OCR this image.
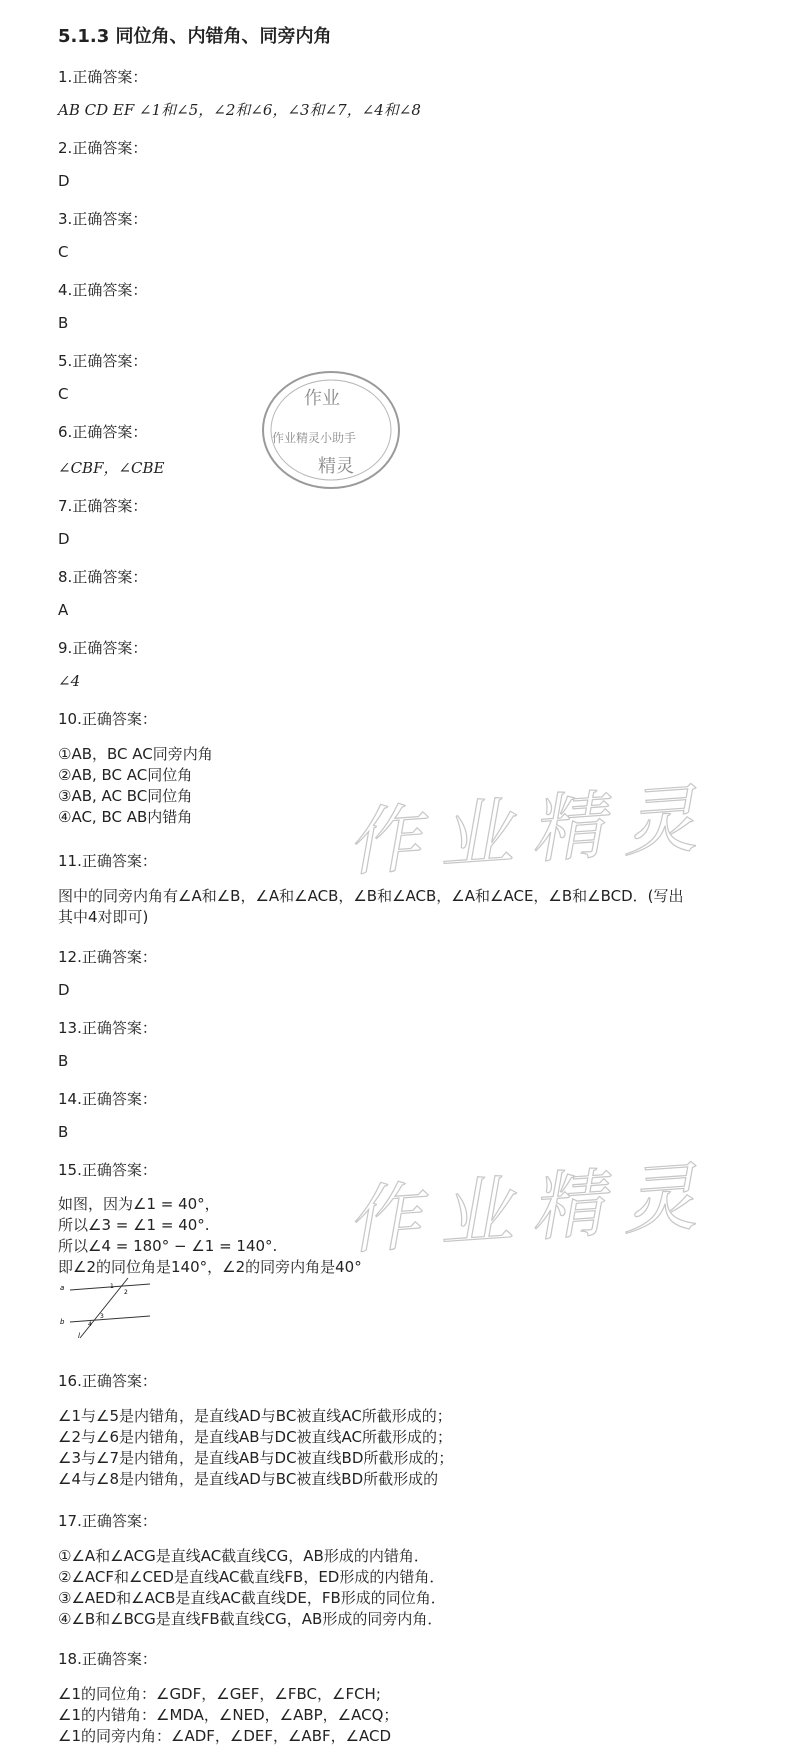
5.1.3 同位角、内错角、同旁内角
1.正确答案：
AB CD EF ∠1和∠5，∠2和∠6，∠3和∠7，∠4和∠8
2.正确答案：
D
3.正确答案：
C
4.正确答案：
B
5.正确答案：
C
6.正确答案：
∠CBF，∠CBE
7.正确答案：
D
8.正确答案：
A
9.正确答案：
∠4
10.正确答案：
①AB，BC AC同旁内角
②AB, BC AC同位角
③AB, AC BC同位角
④AC, BC AB内错角
11.正确答案：
图中的同旁内角有∠A和∠B，∠A和∠ACB，∠B和∠ACB，∠A和∠ACE，∠B和∠BCD．(写出
其中4对即可)
12.正确答案：
D
13.正确答案：
B
14.正确答案：
B
15.正确答案：
如图，因为∠1 = 40°，
所以∠3 = ∠1 = 40°.
所以∠4 = 180° − ∠1 = 140°.
即∠2的同位角是140°，∠2的同旁内角是40°
a
b
l
1
2
3
4
16.正确答案：
∠1与∠5是内错角，是直线AD与BC被直线AC所截形成的；
∠2与∠6是内错角，是直线AB与DC被直线AC所截形成的；
∠3与∠7是内错角，是直线AB与DC被直线BD所截形成的；
∠4与∠8是内错角，是直线AD与BC被直线BD所截形成的
17.正确答案：
①∠A和∠ACG是直线AC截直线CG，AB形成的内错角．
②∠ACF和∠CED是直线AC截直线FB，ED形成的内错角．
③∠AED和∠ACB是直线AC截直线DE，FB形成的同位角．
④∠B和∠BCG是直线FB截直线CG，AB形成的同旁内角．
18.正确答案：
∠1的同位角：∠GDF，∠GEF，∠FBC，∠FCH;
∠1的内错角：∠MDA，∠NED，∠ABP，∠ACQ；
∠1的同旁内角：∠ADF，∠DEF，∠ABF，∠ACD
作业
作业精灵小助手
精灵
作业精灵
作业精灵
